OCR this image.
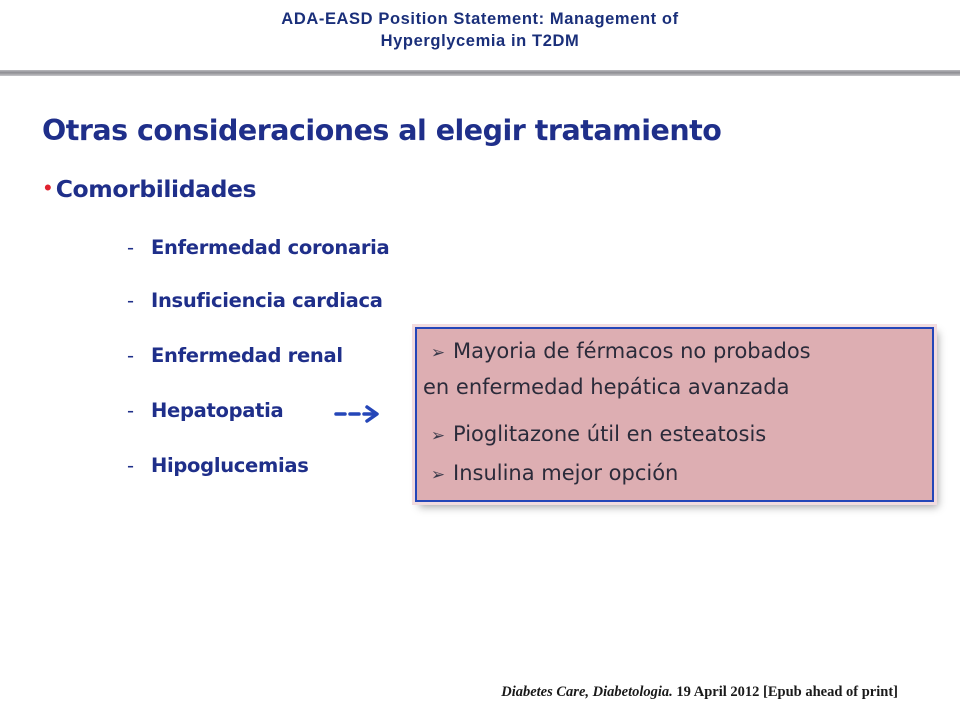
ADA-EASD Position Statement: Management of
Hyperglycemia in T2DM
Otras consideraciones al elegir tratamiento
• Comorbilidades
- Enfermedad coronaria
- Insuficiencia cardiaca
- Enfermedad renal
- Hepatopatia
- Hipoglucemias
➢ Mayoria de férmacos no probados
en enfermedad hepática avanzada
➢ Pioglitazone útil en esteatosis
➢ Insulina mejor opción
Diabetes Care, Diabetologia. 19 April 2012 [Epub ahead of print]
